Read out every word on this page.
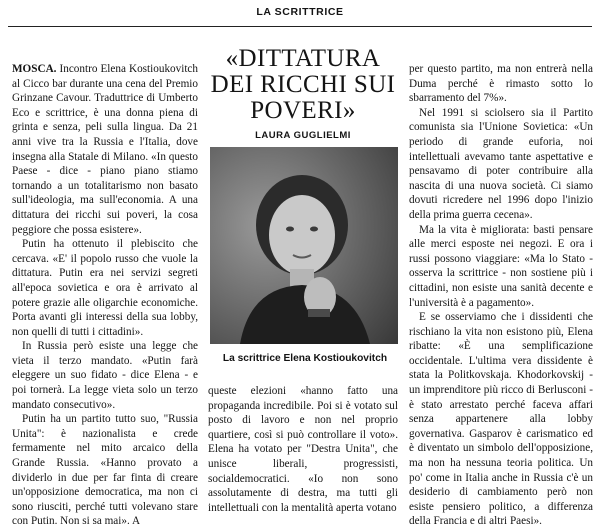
LA SCRITTRICE

MOSCA. Incontro Elena Kostioukovitch al Cicco bar durante una cena del Premio Grinzane Cavour. Traduttrice di Umberto Eco e scrittrice, è una donna piena di grinta e senza, peli sulla lingua. Da 21 anni vive tra la Russia e l'Italia, dove insegna alla Statale di Milano. «In questo Paese - dice - piano piano stiamo tornando a un totalitarismo non basato sull'ideologia, ma sull'economia. A una dittatura dei ricchi sui poveri, la cosa peggiore che possa esistere».

Putin ha ottenuto il plebiscito che cercava. «E' il popolo russo che vuole la dittatura. Putin era nei servizi segreti all'epoca sovietica e ora è arrivato al potere grazie alle oligarchie economiche. Porta avanti gli interessi della sua lobby, non quelli di tutti i cittadini».

In Russia però esiste una legge che vieta il terzo mandato. «Putin farà eleggere un suo fidato - dice Elena - e poi tornerà. La legge vieta solo un terzo mandato consecutivo».

Putin ha un partito tutto suo, "Russia Unita": è nazionalista e crede fermamente nel mito arcaico della Grande Russia. «Hanno provato a dividerlo in due per far finta di creare un'opposizione democratica, ma non ci sono riusciti, perché tutti volevano stare con Putin. Non si sa mai». A

«DITTATURA DEI RICCHI SUI POVERI»
LAURA GUGLIELMI
La scrittrice Elena Kostioukovitch

queste elezioni «hanno fatto una propaganda incredibile. Poi si è votato sul posto di lavoro e non nel proprio quartiere, così si può controllare il voto». Elena ha votato per "Destra Unita", che unisce liberali, progressisti, socialdemocratici. «Io non sono assolutamente di destra, ma tutti gli intellettuali con la mentalità aperta votano

per questo partito, ma non entrerà nella Duma perché è rimasto sotto lo sbarramento del 7%».

Nel 1991 si sciolsero sia il Partito comunista sia l'Unione Sovietica: «Un periodo di grande euforia, noi intellettuali avevamo tante aspettative e pensavamo di poter contribuire alla nascita di una nuova società. Ci siamo dovuti ricredere nel 1996 dopo l'inizio della prima guerra cecena».

Ma la vita è migliorata: basti pensare alle merci esposte nei negozi. E ora i russi possono viaggiare: «Ma lo Stato - osserva la scrittrice - non sostiene più i cittadini, non esiste una sanità decente e l'università è a pagamento».

E se osserviamo che i dissidenti che rischiano la vita non esistono più, Elena ribatte: «È una semplificazione occidentale. L'ultima vera dissidente è stata la Politkovskaja. Khodorkovskij - un imprenditore più ricco di Berlusconi - è stato arrestato perché faceva affari senza appartenere alla lobby governativa. Gasparov è carismatico ed è diventato un simbolo dell'opposizione, ma non ha nessuna teoria politica. Un po' come in Italia anche in Russia c'è un desiderio di cambiamento però non esiste pensiero politico, a differenza della Francia e di altri Paesi».
